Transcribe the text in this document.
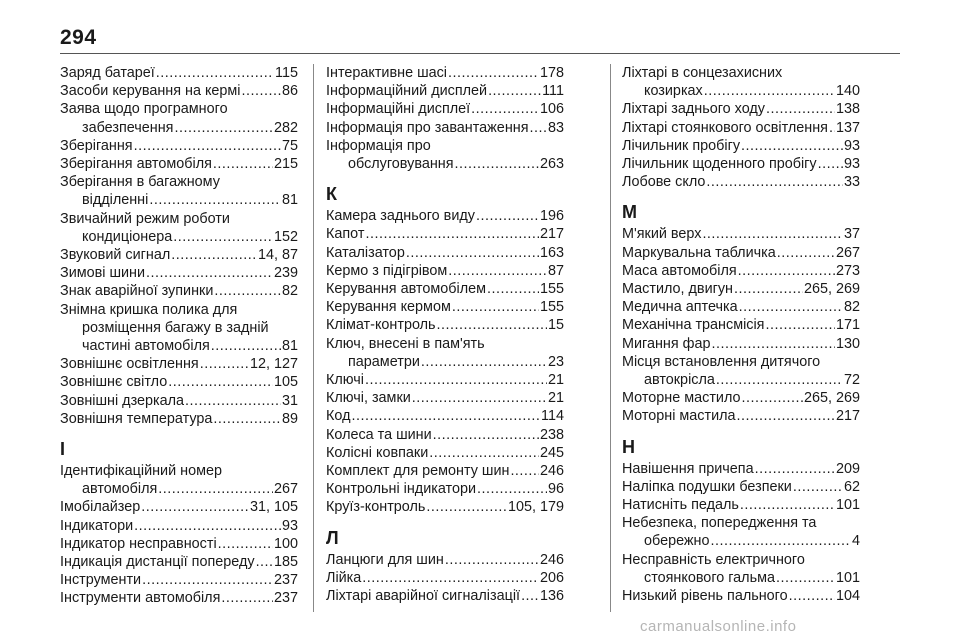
294
Заряд батареї .....	115
Засоби керування на кермі .....	86
Заява щодо програмного
забезпечення .....	282
Зберігання .....	75
Зберігання автомобіля .....	215
Зберігання в багажному
відділенні .....	81
Звичайний режим роботи
кондиціонера .....	152
Звуковий сигнал .....	14, 87
Зимові шини .....	239
Знак аварійної зупинки .....	82
Знімна кришка полика для
розміщення багажу в задній
частині автомобіля .....	81
Зовнішнє освітлення .....	12, 127
Зовнішнє світло .....	105
Зовнішні дзеркала .....	31
Зовнішня температура .....	89
І
Ідентифікаційний номер
автомобіля .....	267
Імобілайзер .....	31, 105
Індикатори .....	93
Індикатор несправності .....	100
Індикація дистанції попереду ..... 185
Інструменти .....	237
Інструменти автомобіля .....	237
Інтерактивне шасі .....	178
Інформаційний дисплей .....	111
Інформаційні дисплеї .....	106
Інформація про завантаження ..... 83
Інформація про
обслуговування .....	263
К
Камера заднього виду .....	196
Капот .....	217
Каталізатор .....	163
Кермо з підігрівом .....	87
Керування автомобілем .....	155
Керування кермом .....	155
Клімат-контроль .....	15
Ключ, внесені в пам'ять
параметри .....	23
Ключі .....	21
Ключі, замки .....	21
Код .....	114
Колеса та шини .....	238
Колісні ковпаки .....	245
Комплект для ремонту шин ..... 246
Контрольні індикатори .....	96
Круїз-контроль .....	105, 179
Л
Ланцюги для шин .....	246
Лійка .....	206
Ліхтарі аварійної сигналізації ..... 136
Ліхтарі в сонцезахисних
козирках .....	140
Ліхтарі заднього ходу .....	138
Ліхтарі стоянкового освітлення ..... 137
Лічильник пробігу .....	93
Лічильник щоденного пробігу ..... 93
Лобове скло .....	33
М
М'який верх .....	37
Маркувальна табличка .....	267
Маса автомобіля .....	273
Мастило, двигун .....	265, 269
Медична аптечка .....	82
Механічна трансмісія .....	171
Мигання фар .....	130
Місця встановлення дитячого
автокрісла .....	72
Моторне мастило .....	265, 269
Моторні мастила .....	217
Н
Навішення причепа .....	209
Наліпка подушки безпеки .....	62
Натисніть педаль .....	101
Небезпека, попередження та
обережно .....	4
Несправність електричного
стоянкового гальма .....	101
Низький рівень пального .....	104
carmanualsonline.info
